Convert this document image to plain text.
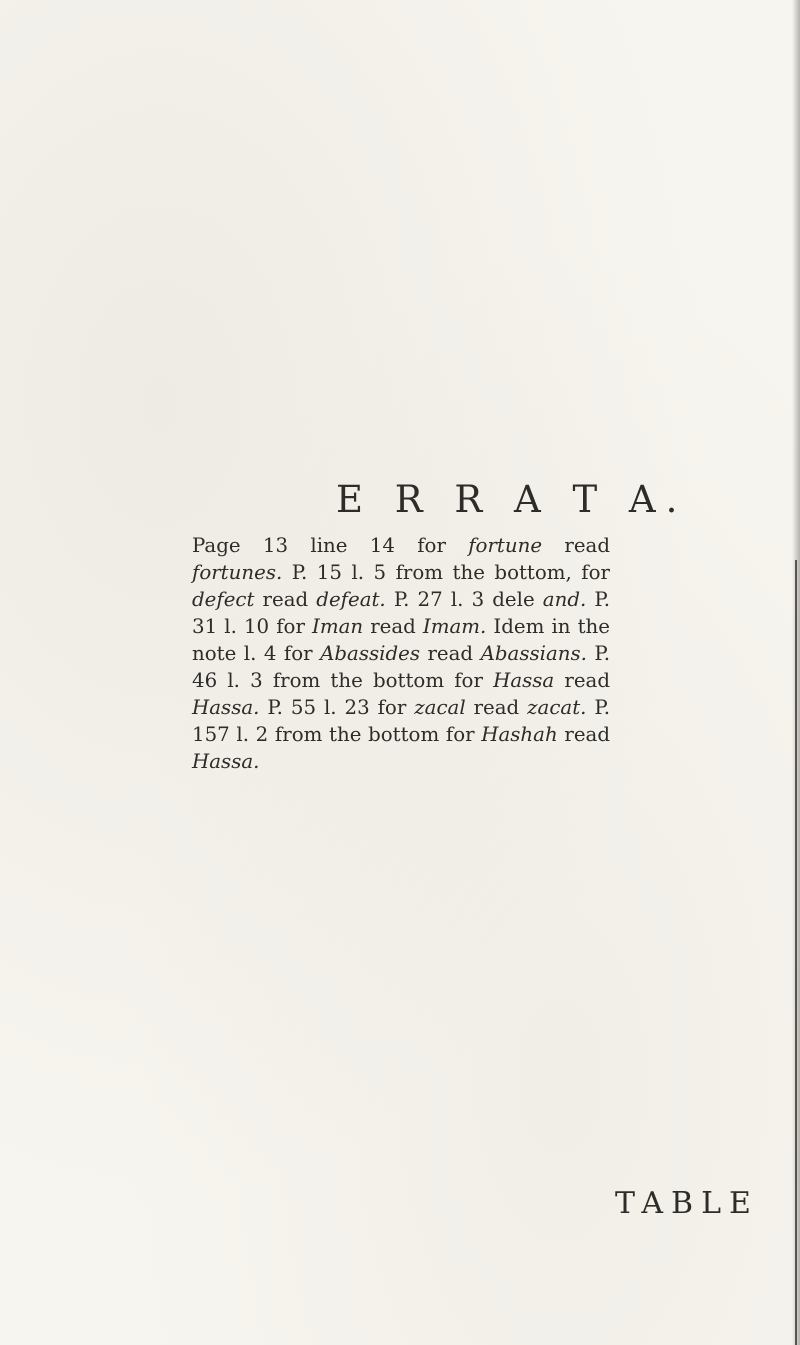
E R R A T A.

Page 13 line 14 for fortune read fortunes. P. 15 l. 5 from the bottom, for defect read defeat. P. 27 l. 3 dele and. P. 31 l. 10 for Iman read Imam. Idem in the note l. 4 for Abassides read Abassians. P. 46 l. 3 from the bottom for Hassa read Hassa. P. 55 l. 23 for zacal read zacat. P. 157 l. 2 from the bottom for Hashah read Hassa.

TABLE
